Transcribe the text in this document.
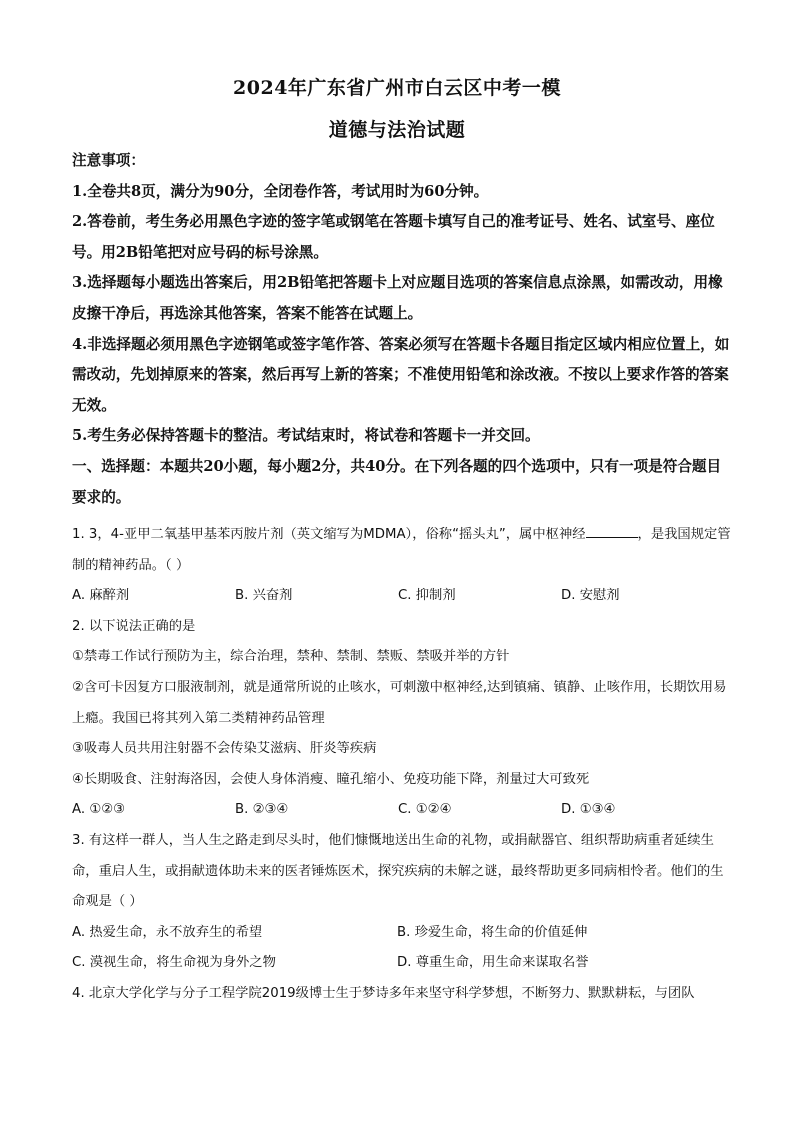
2024年广东省广州市白云区中考一模
道德与法治试题

注意事项：

1.全卷共8页，满分为90分，全闭卷作答，考试用时为60分钟。

2.答卷前，考生务必用黑色字迹的签字笔或钢笔在答题卡填写自己的准考证号、姓名、试室号、座位号。用2B铅笔把对应号码的标号涂黑。

3.选择题每小题选出答案后，用2B铅笔把答题卡上对应题目选项的答案信息点涂黑，如需改动，用橡皮擦干净后，再选涂其他答案，答案不能答在试题上。

4.非选择题必须用黑色字迹钢笔或签字笔作答、答案必须写在答题卡各题目指定区域内相应位置上，如需改动，先划掉原来的答案，然后再写上新的答案；不准使用铅笔和涂改液。不按以上要求作答的答案无效。

5.考生务必保持答题卡的整洁。考试结束时，将试卷和答题卡一并交回。

一、选择题：本题共20小题，每小题2分，共40分。在下列各题的四个选项中，只有一项是符合题目要求的。

1. 3，4-亚甲二氧基甲基苯丙胺片剂（英文缩写为MDMA），俗称“摇头丸”，属中枢神经	，是我国规定管制的精神药品。（ ）

A. 麻醉剂	B. 兴奋剂	C. 抑制剂	D. 安慰剂

2. 以下说法正确的是

①禁毒工作试行预防为主，综合治理，禁种、禁制、禁贩、禁吸并举的方针

②含可卡因复方口服液制剂，就是通常所说的止咳水，可刺激中枢神经,达到镇痛、镇静、止咳作用，长期饮用易上瘾。我国已将其列入第二类精神药品管理

③吸毒人员共用注射器不会传染艾滋病、肝炎等疾病

④长期吸食、注射海洛因，会使人身体消瘦、瞳孔缩小、免疫功能下降，剂量过大可致死

A. ①②③	B. ②③④	C. ①②④	D. ①③④

3. 有这样一群人，当人生之路走到尽头时，他们慷慨地送出生命的礼物，或捐献器官、组织帮助病重者延续生命，重启人生，或捐献遗体助未来的医者锤炼医术，探究疾病的未解之谜，最终帮助更多同病相怜者。他们的生命观是（ ）

A. 热爱生命，永不放弃生的希望	B. 珍爱生命，将生命的价值延伸
C. 漠视生命，将生命视为身外之物	D. 尊重生命，用生命来谋取名誉

4. 北京大学化学与分子工程学院2019级博士生于梦诗多年来坚守科学梦想，不断努力、默默耕耘，与团队
